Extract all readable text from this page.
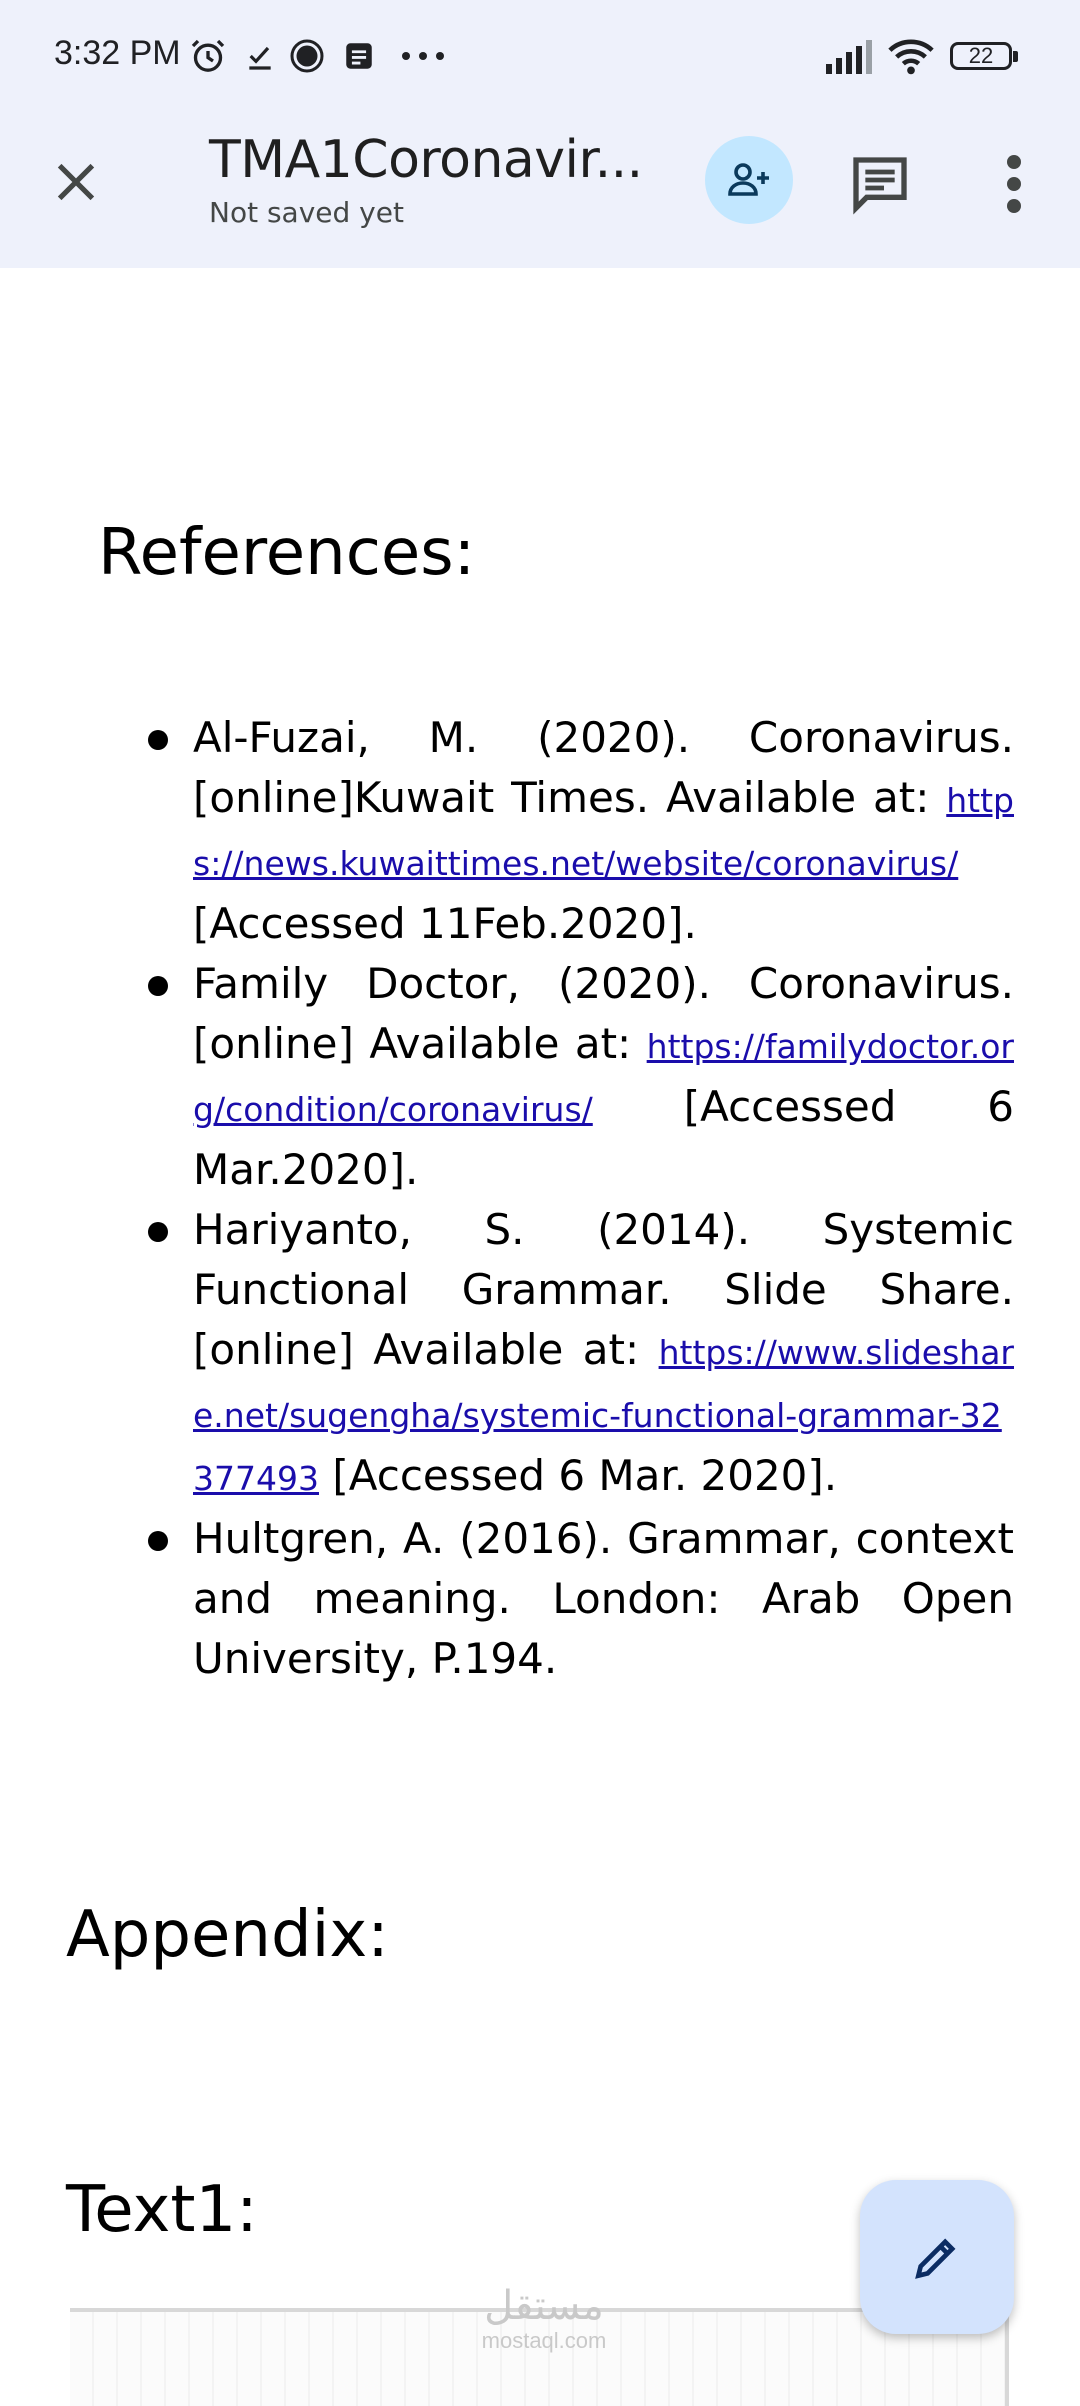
3:32 PM	22
TMA1Coronavir...
Not saved yet
References:
Al-Fuzai, M. (2020). Coronavirus. [online]Kuwait Times. Available at: https://news.kuwaittimes.net/website/coronavirus/ [Accessed 11Feb.2020].
Family Doctor, (2020). Coronavirus. [online] Available at: https://familydoctor.org/condition/coronavirus/ [Accessed 6 Mar.2020].
Hariyanto, S. (2014). Systemic Functional Grammar. Slide Share. [online] Available at: https://www.slideshare.net/sugengha/systemic-functional-grammar-32377493 [Accessed 6 Mar. 2020].
Hultgren, A. (2016). Grammar, context and meaning. London: Arab Open University, P.194.
Appendix:
Text1:
مستقل
mostaql.com
